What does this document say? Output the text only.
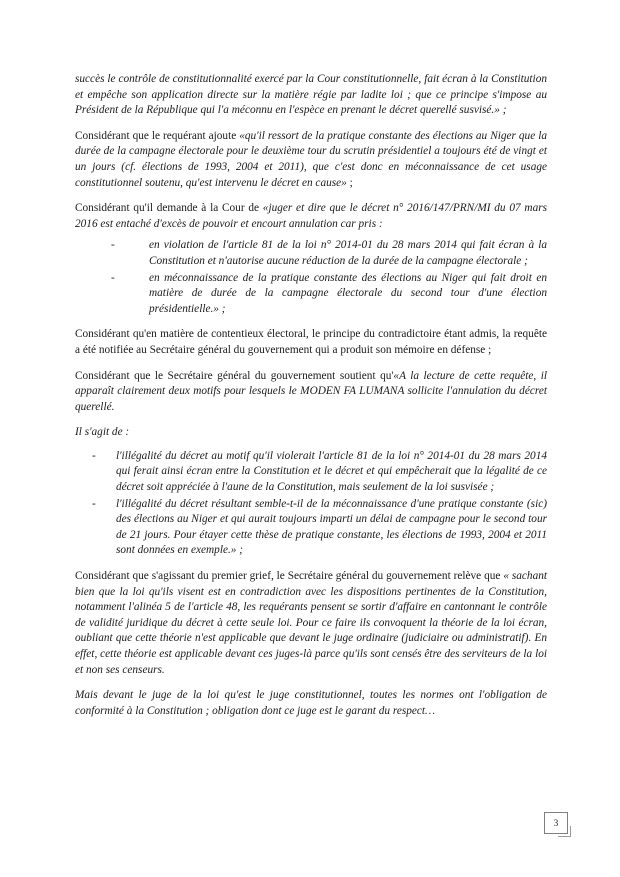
succès le contrôle de constitutionnalité exercé par la Cour constitutionnelle, fait écran à la Constitution et empêche son application directe sur la matière régie par ladite loi ; que ce principe s'impose au Président de la République qui l'a méconnu en l'espèce en prenant le décret querellé susvisé.» ;

Considérant que le requérant ajoute «qu'il ressort de la pratique constante des élections au Niger que la durée de la campagne électorale pour le deuxième tour du scrutin présidentiel a toujours été de vingt et un jours (cf. élections de 1993, 2004 et 2011), que c'est donc en méconnaissance de cet usage constitutionnel soutenu, qu'est intervenu le décret en cause» ;

Considérant qu'il demande à la Cour de «juger et dire que le décret n° 2016/147/PRN/MI du 07 mars 2016 est entaché d'excès de pouvoir et encourt annulation car pris :

-	en violation de l'article 81 de la loi n° 2014-01 du 28 mars 2014 qui fait écran à la Constitution et n'autorise aucune réduction de la durée de la campagne électorale ;
-	en méconnaissance de la pratique constante des élections au Niger qui fait droit en matière de durée de la campagne électorale du second tour d'une élection présidentielle.» ;

Considérant qu'en matière de contentieux électoral, le principe du contradictoire étant admis, la requête a été notifiée au Secrétaire général du gouvernement qui a produit son mémoire en défense ;

Considérant que le Secrétaire général du gouvernement soutient qu'«A la lecture de cette requête, il apparaît clairement deux motifs pour lesquels le MODEN FA LUMANA sollicite l'annulation du décret querellé.

Il s'agit de :

- l'illégalité du décret au motif qu'il violerait l'article 81 de la loi n° 2014-01 du 28 mars 2014 qui ferait ainsi écran entre la Constitution et le décret et qui empêcherait que la légalité de ce décret soit appréciée à l'aune de la Constitution, mais seulement de la loi susvisée ;
- l'illégalité du décret résultant semble-t-il de la méconnaissance d'une pratique constante (sic) des élections au Niger et qui aurait toujours imparti un délai de campagne pour le second tour de 21 jours. Pour étayer cette thèse de pratique constante, les élections de 1993, 2004 et 2011 sont données en exemple.» ;

Considérant que s'agissant du premier grief, le Secrétaire général du gouvernement relève que « sachant bien que la loi qu'ils visent est en contradiction avec les dispositions pertinentes de la Constitution, notamment l'alinéa 5 de l'article 48, les requérants pensent se sortir d'affaire en cantonnant le contrôle de validité juridique du décret à cette seule loi. Pour ce faire ils convoquent la théorie de la loi écran, oubliant que cette théorie n'est applicable que devant le juge ordinaire (judiciaire ou administratif). En effet, cette théorie est applicable devant ces juges-là parce qu'ils sont censés être des serviteurs de la loi et non ses censeurs.

Mais devant le juge de la loi qu'est le juge constitutionnel, toutes les normes ont l'obligation de conformité à la Constitution ; obligation dont ce juge est le garant du respect…

3
